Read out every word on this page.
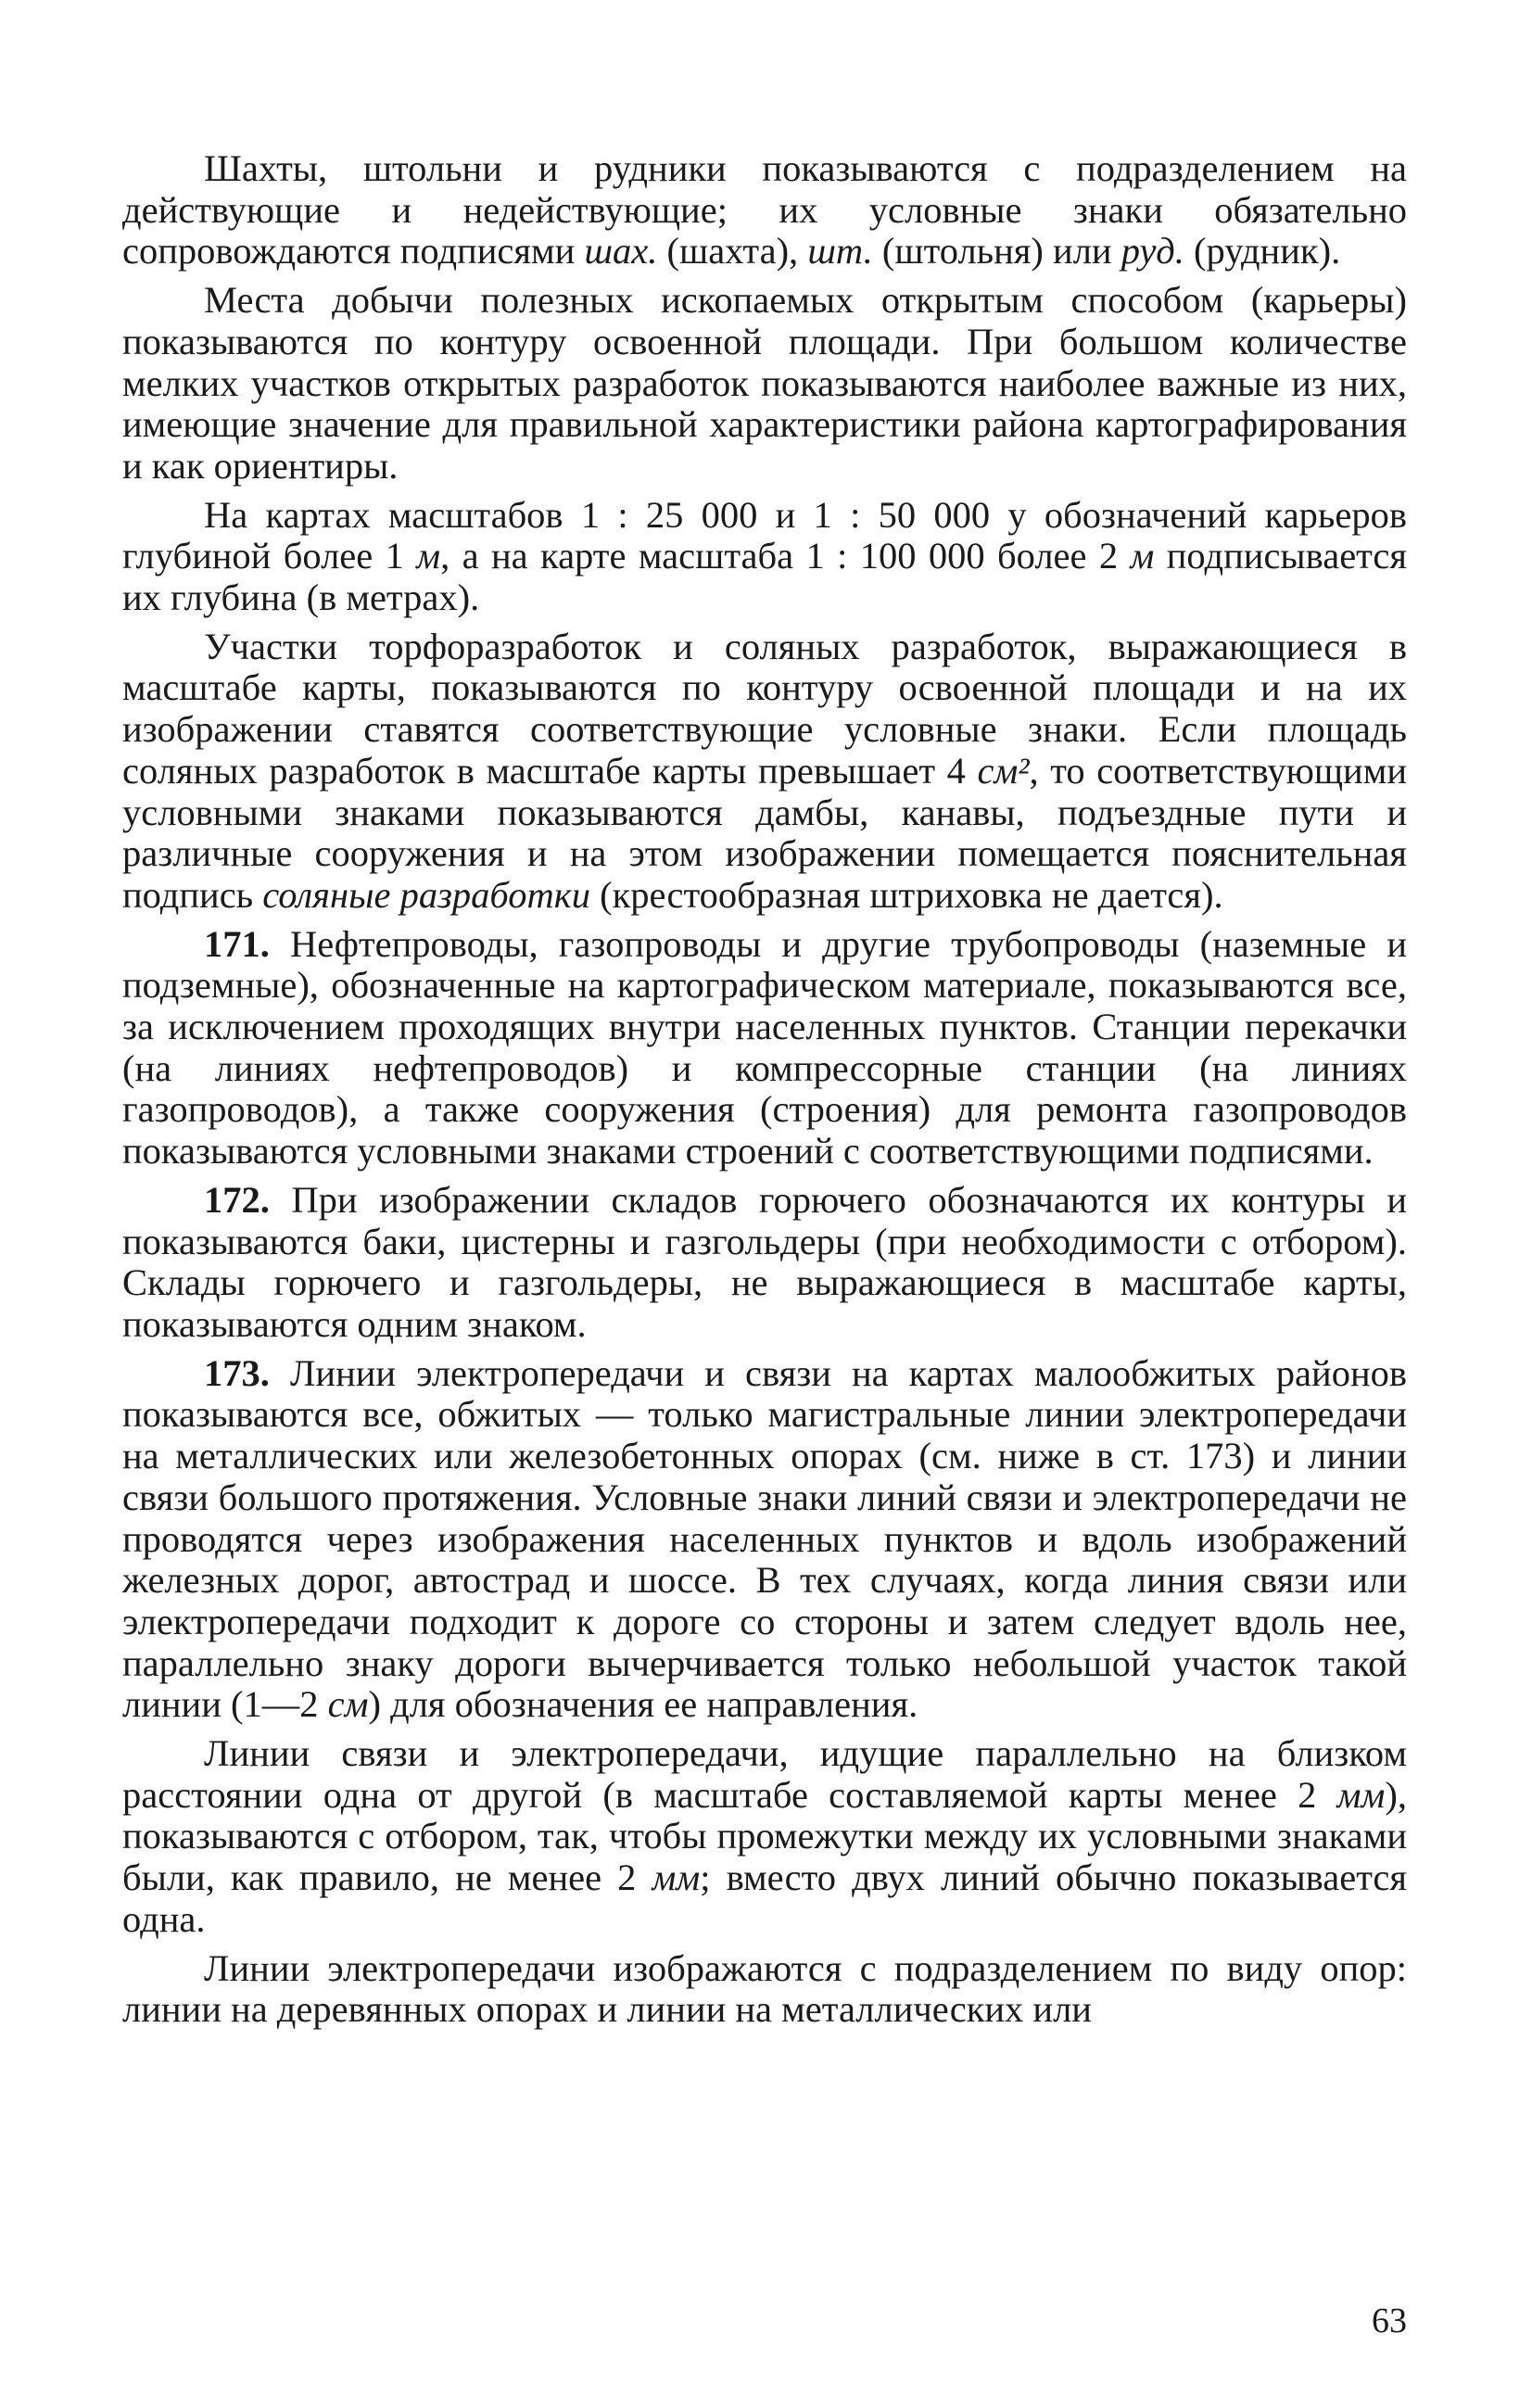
Шахты, штольни и рудники показываются с подразделением на действующие и недействующие; их условные знаки обязательно сопровождаются подписями шах. (шахта), шт. (штольня) или руд. (рудник).

Места добычи полезных ископаемых открытым способом (карьеры) показываются по контуру освоенной площади. При большом количестве мелких участков открытых разработок показываются наиболее важные из них, имеющие значение для правильной характеристики района картографирования и как ориентиры.

На картах масштабов 1 : 25 000 и 1 : 50 000 у обозначений карьеров глубиной более 1 м, а на карте масштаба 1 : 100 000 более 2 м подписывается их глубина (в метрах).

Участки торфоразработок и соляных разработок, выражающиеся в масштабе карты, показываются по контуру освоенной площади и на их изображении ставятся соответствующие условные знаки. Если площадь соляных разработок в масштабе карты превышает 4 см², то соответствующими условными знаками показываются дамбы, канавы, подъездные пути и различные сооружения и на этом изображении помещается пояснительная подпись соляные разработки (крестообразная штриховка не дается).

171. Нефтепроводы, газопроводы и другие трубопроводы (наземные и подземные), обозначенные на картографическом материале, показываются все, за исключением проходящих внутри населенных пунктов. Станции перекачки (на линиях нефтепроводов) и компрессорные станции (на линиях газопроводов), а также сооружения (строения) для ремонта газопроводов показываются условными знаками строений с соответствующими подписями.

172. При изображении складов горючего обозначаются их контуры и показываются баки, цистерны и газгольдеры (при необходимости с отбором). Склады горючего и газгольдеры, не выражающиеся в масштабе карты, показываются одним знаком.

173. Линии электропередачи и связи на картах малообжитых районов показываются все, обжитых — только магистральные линии электропередачи на металлических или железобетонных опорах (см. ниже в ст. 173) и линии связи большого протяжения. Условные знаки линий связи и электропередачи не проводятся через изображения населенных пунктов и вдоль изображений железных дорог, автострад и шоссе. В тех случаях, когда линия связи или электропередачи подходит к дороге со стороны и затем следует вдоль нее, параллельно знаку дороги вычерчивается только небольшой участок такой линии (1—2 см) для обозначения ее направления.

Линии связи и электропередачи, идущие параллельно на близком расстоянии одна от другой (в масштабе составляемой карты менее 2 мм), показываются с отбором, так, чтобы промежутки между их условными знаками были, как правило, не менее 2 мм; вместо двух линий обычно показывается одна.

Линии электропередачи изображаются с подразделением по виду опор: линии на деревянных опорах и линии на металлических или

63
